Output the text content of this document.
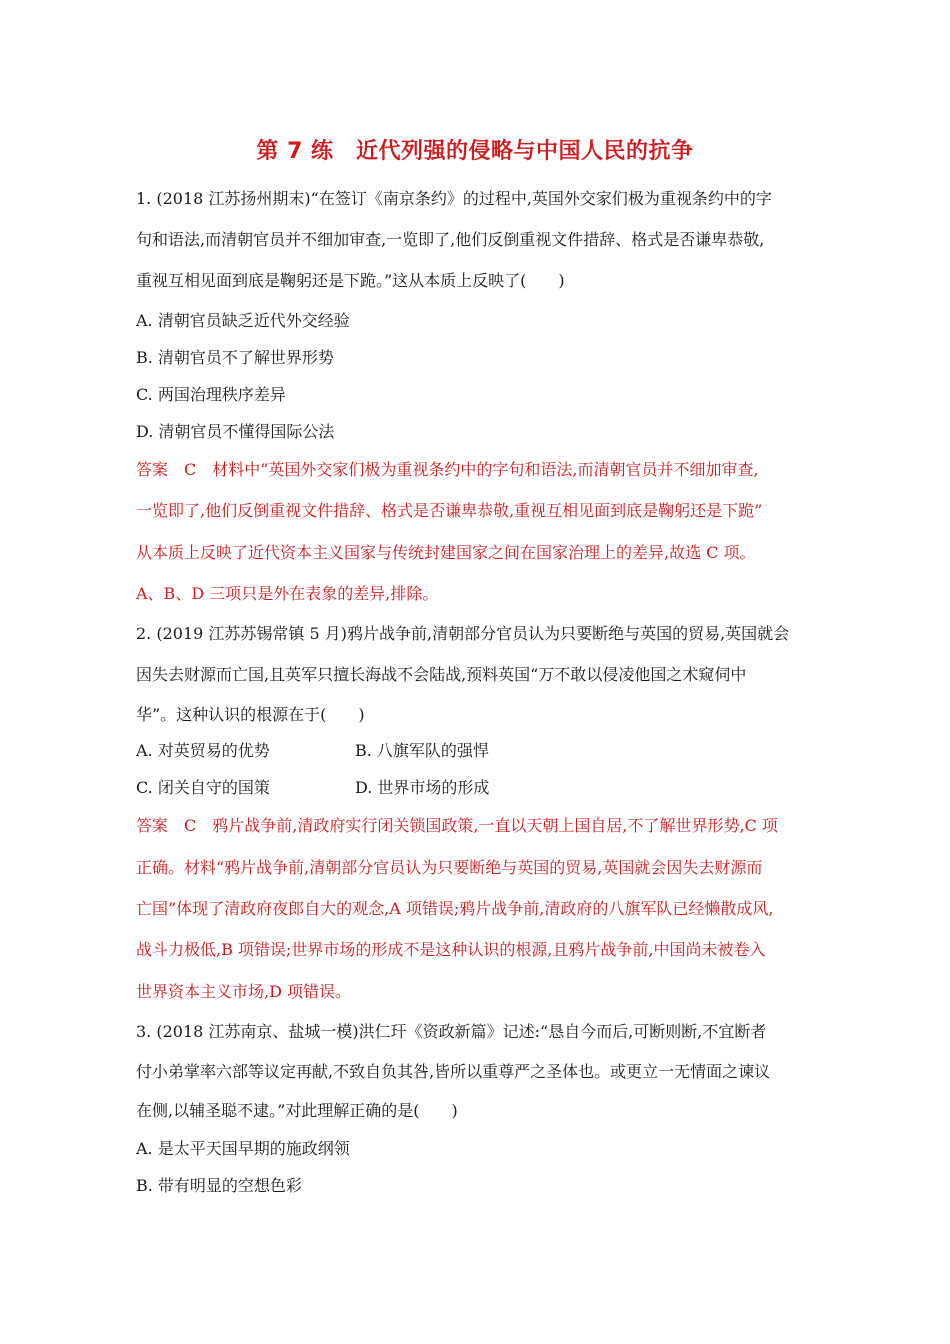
第 7 练　近代列强的侵略与中国人民的抗争
1. (2018 江苏扬州期末)“在签订《南京条约》的过程中,英国外交家们极为重视条约中的字
句和语法,而清朝官员并不细加审查,一览即了,他们反倒重视文件措辞、格式是否谦卑恭敬,
重视互相见面到底是鞠躬还是下跪。”这从本质上反映了(　　)
A. 清朝官员缺乏近代外交经验
B. 清朝官员不了解世界形势
C. 两国治理秩序差异
D. 清朝官员不懂得国际公法
答案　C　材料中“英国外交家们极为重视条约中的字句和语法,而清朝官员并不细加审查,
一览即了,他们反倒重视文件措辞、格式是否谦卑恭敬,重视互相见面到底是鞠躬还是下跪”
从本质上反映了近代资本主义国家与传统封建国家之间在国家治理上的差异,故选 C 项。
A、B、D 三项只是外在表象的差异,排除。
2. (2019 江苏苏锡常镇 5 月)鸦片战争前,清朝部分官员认为只要断绝与英国的贸易,英国就会
因失去财源而亡国,且英军只擅长海战不会陆战,预料英国“万不敢以侵凌他国之术窥伺中
华”。这种认识的根源在于(　　)
A. 对英贸易的优势	B. 八旗军队的强悍
C. 闭关自守的国策	D. 世界市场的形成
答案　C　鸦片战争前,清政府实行闭关锁国政策,一直以天朝上国自居,不了解世界形势,C 项
正确。材料“鸦片战争前,清朝部分官员认为只要断绝与英国的贸易,英国就会因失去财源而
亡国”体现了清政府夜郎自大的观念,A 项错误;鸦片战争前,清政府的八旗军队已经懒散成风,
战斗力极低,B 项错误;世界市场的形成不是这种认识的根源,且鸦片战争前,中国尚未被卷入
世界资本主义市场,D 项错误。
3. (2018 江苏南京、盐城一模)洪仁玕《资政新篇》记述:“恳自今而后,可断则断,不宜断者
付小弟掌率六部等议定再献,不致自负其咎,皆所以重尊严之圣体也。或更立一无情面之谏议
在侧,以辅圣聪不逮。”对此理解正确的是(　　)
A. 是太平天国早期的施政纲领
B. 带有明显的空想色彩
